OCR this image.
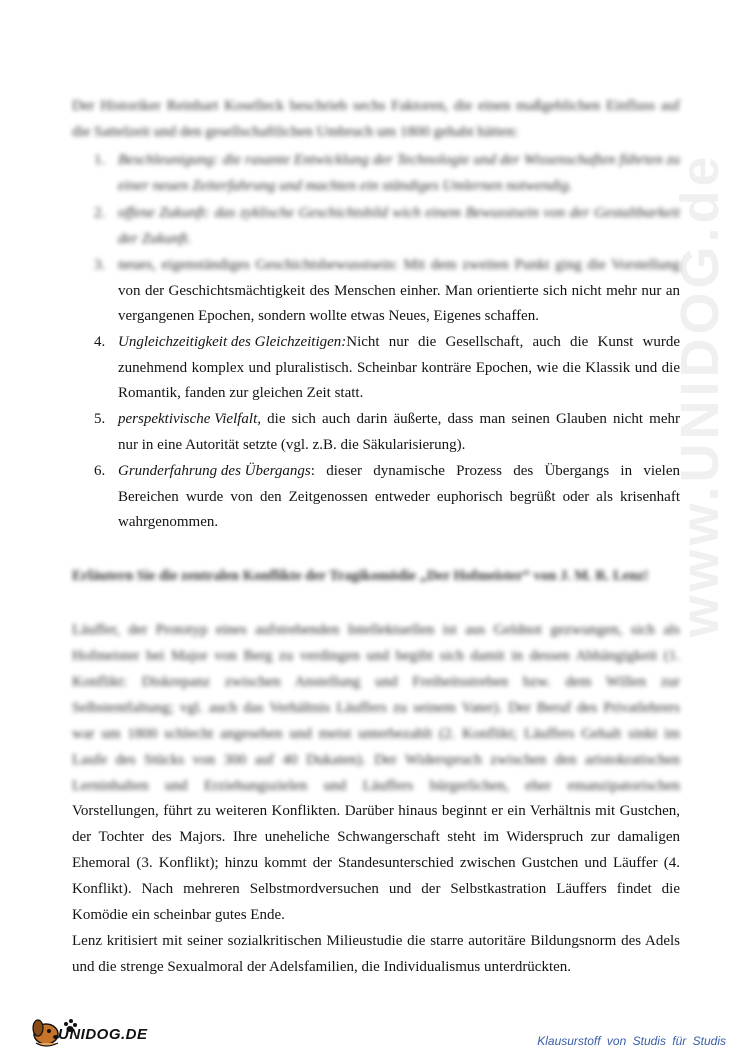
www.UNIDOG.de
Der Historiker Reinhart Koselleck beschrieb sechs Faktoren, die einen maßgeblichen Einfluss auf
die Sattelzeit und den gesellschaftlichen Umbruch um 1800 gehabt hätten:
1. Beschleunigung: die rasante Entwicklung der Technologie und der Wissenschaften führten zu
einer neuen Zeiterfahrung und machten ein ständiges Umlernen notwendig.
2. offene Zukunft: das zyklische Geschichtsbild wich einem Bewusstsein von der Gestaltbarkeit
der Zukunft.
3. neues, eigenständiges Geschichtsbewusstsein: Mit dem zweiten Punkt ging die Vorstellung
von der Geschichtsmächtigkeit des Menschen einher. Man orientierte sich nicht mehr nur an
vergangenen Epochen, sondern wollte etwas Neues, Eigenes schaffen.
4. Ungleichzeitigkeit des Gleichzeitigen: Nicht nur die Gesellschaft, auch die Kunst wurde
zunehmend komplex und pluralistisch. Scheinbar konträre Epochen, wie die Klassik und die
Romantik, fanden zur gleichen Zeit statt.
5. perspektivische Vielfalt , die sich auch darin äußerte, dass man seinen Glauben nicht mehr
nur in eine Autorität setzte (vgl. z.B. die Säkularisierung).
6. Grunderfahrung des Übergangs : dieser dynamische Prozess des Übergangs in vielen
Bereichen wurde von den Zeitgenossen entweder euphorisch begrüßt oder als krisenhaft
wahrgenommen.
Erläutern Sie die zentralen Konflikte der Tragikomödie „Der Hofmeister“ von J. M. R. Lenz!
Läuffer, der Prototyp eines aufstrebenden Intellektuellen ist aus Geldnot gezwungen, sich als
Hofmeister bei Major von Berg zu verdingen und begibt sich damit in dessen Abhängigkeit (1.
Konflikt: Diskrepanz zwischen Anstellung und Freiheitsstreben bzw. dem Willen zur
Selbstentfaltung; vgl. auch das Verhältnis Läuffers zu seinem Vater). Der Beruf des Privatlehrers
war um 1800 schlecht angesehen und meist unterbezahlt (2. Konflikt; Läuffers Gehalt sinkt im
Laufe des Stücks von 300 auf 40 Dukaten). Der Widerspruch zwischen den aristokratischen
Lerninhalten und Erziehungszielen und Läuffers bürgerlichen, eher emanzipatorischen
Vorstellungen, führt zu weiteren Konflikten. Darüber hinaus beginnt er ein Verhältnis mit Gustchen,
der Tochter des Majors. Ihre uneheliche Schwangerschaft steht im Widerspruch zur damaligen
Ehemoral (3. Konflikt); hinzu kommt der Standesunterschied zwischen Gustchen und Läuffer (4.
Konflikt). Nach mehreren Selbstmordversuchen und der Selbstkastration Läuffers findet die
Komödie ein scheinbar gutes Ende.
Lenz kritisiert mit seiner sozialkritischen Milieustudie die starre autoritäre Bildungsnorm des Adels
und die strenge Sexualmoral der Adelsfamilien, die Individualismus unterdrückten.
UNIDOG.DE	Klausurstoff von Studis für Studis
